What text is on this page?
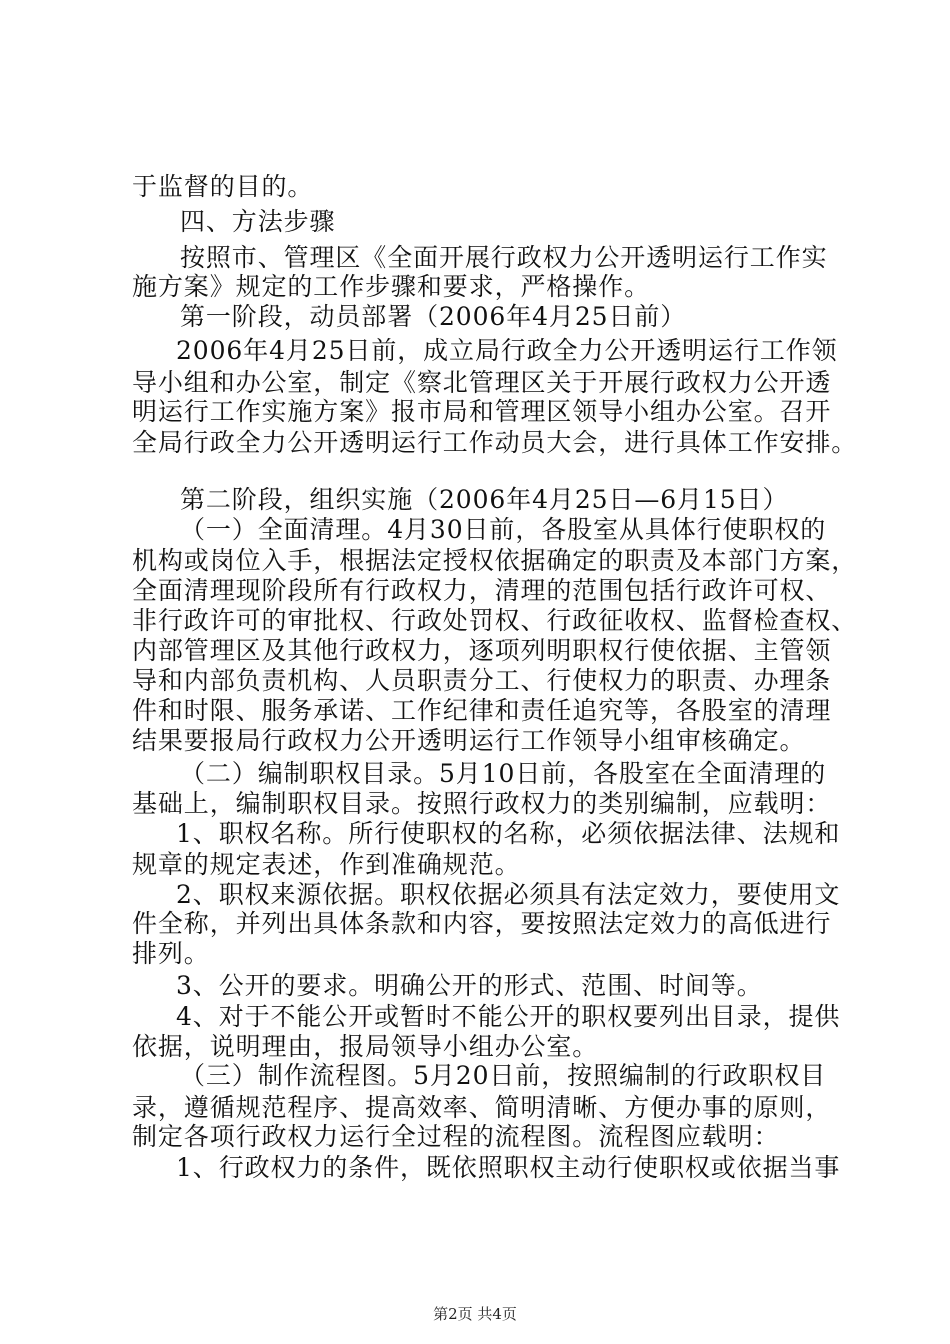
于监督的目的。
四、方法步骤
按照市、管理区《全面开展行政权力公开透明运行工作实
施方案》规定的工作步骤和要求，严格操作。
第一阶段，动员部署（2006年4月25日前）
2006年4月25日前，成立局行政全力公开透明运行工作领
导小组和办公室，制定《察北管理区关于开展行政权力公开透
明运行工作实施方案》报市局和管理区领导小组办公室。召开
全局行政全力公开透明运行工作动员大会，进行具体工作安排。
第二阶段，组织实施（2006年4月25日—6月15日）
（一）全面清理。4月30日前，各股室从具体行使职权的
机构或岗位入手，根据法定授权依据确定的职责及本部门方案，
全面清理现阶段所有行政权力，清理的范围包括行政许可权、
非行政许可的审批权、行政处罚权、行政征收权、监督检查权、
内部管理区及其他行政权力，逐项列明职权行使依据、主管领
导和内部负责机构、人员职责分工、行使权力的职责、办理条
件和时限、服务承诺、工作纪律和责任追究等，各股室的清理
结果要报局行政权力公开透明运行工作领导小组审核确定。
（二）编制职权目录。5月10日前，各股室在全面清理的
基础上，编制职权目录。按照行政权力的类别编制，应载明：
1、职权名称。所行使职权的名称，必须依据法律、法规和
规章的规定表述，作到准确规范。
2、职权来源依据。职权依据必须具有法定效力，要使用文
件全称，并列出具体条款和内容，要按照法定效力的高低进行
排列。
3、公开的要求。明确公开的形式、范围、时间等。
4、对于不能公开或暂时不能公开的职权要列出目录，提供
依据，说明理由，报局领导小组办公室。
（三）制作流程图。5月20日前，按照编制的行政职权目
录，遵循规范程序、提高效率、简明清晰、方便办事的原则，
制定各项行政权力运行全过程的流程图。流程图应载明：
1、行政权力的条件，既依照职权主动行使职权或依据当事
第2页 共4页
